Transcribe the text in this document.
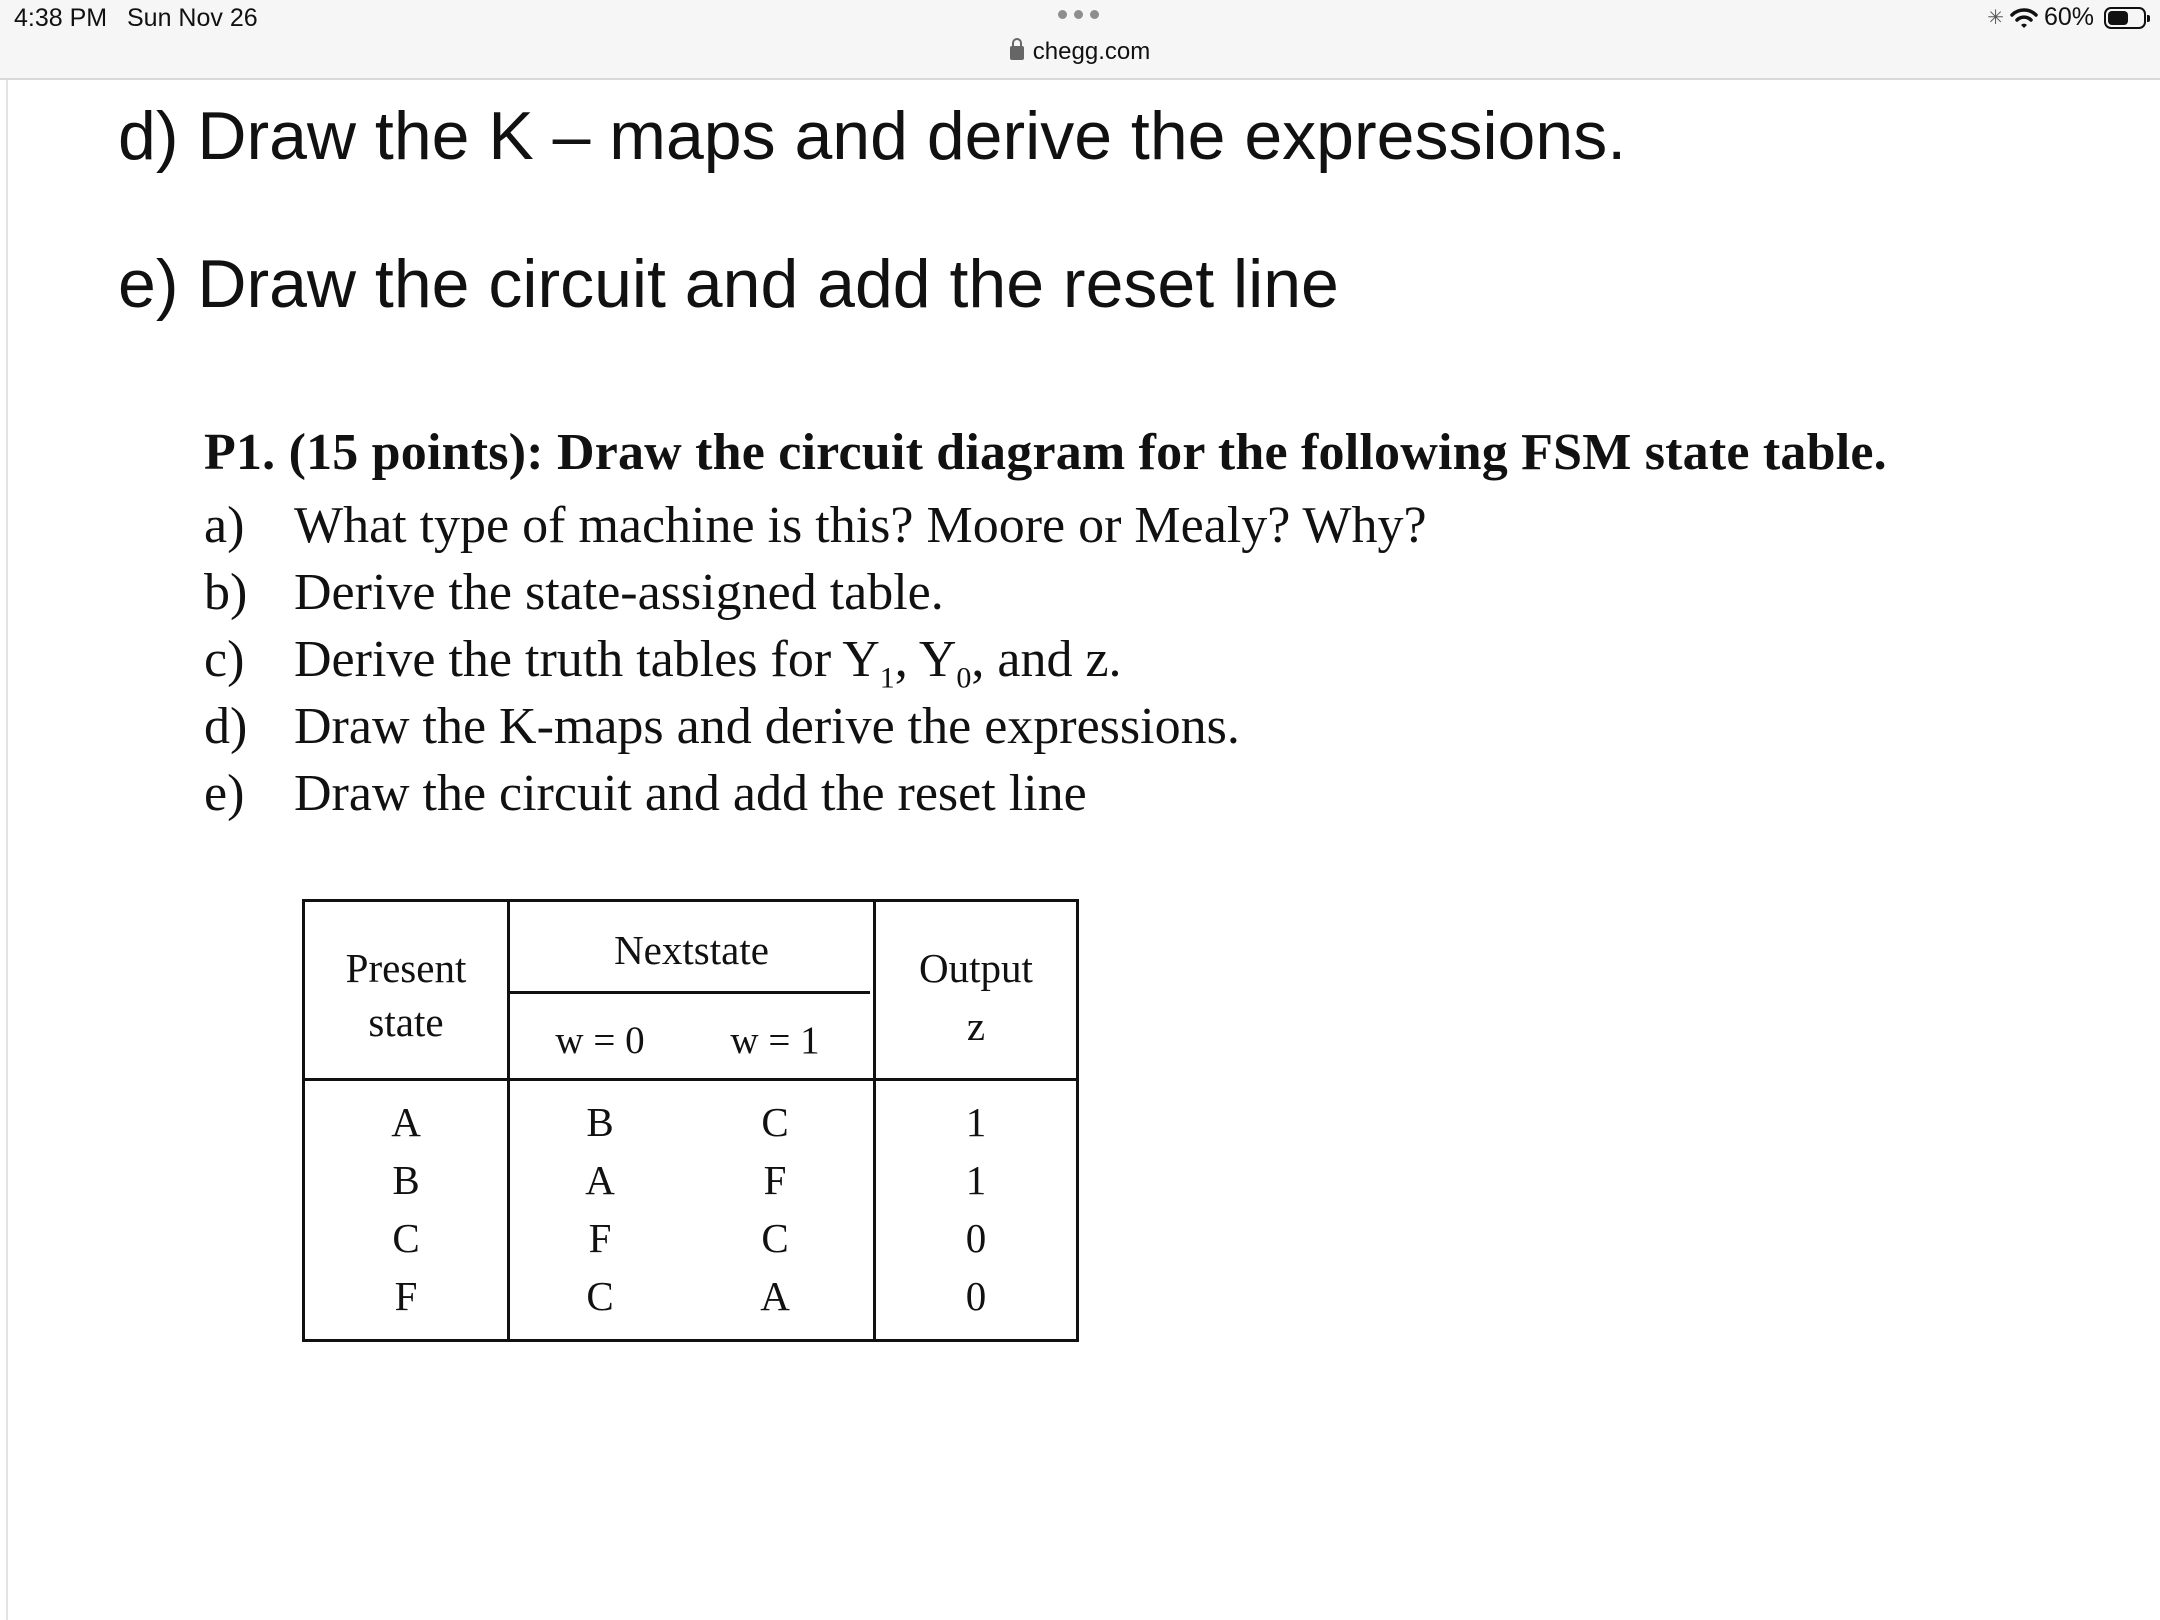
4:38 PM Sun Nov 26
chegg.com
✳ 60%
d) Draw the K – maps and derive the expressions.
e) Draw the circuit and add the reset line
P1. (15 points): Draw the circuit diagram for the following FSM state table.
a) What type of machine is this? Moore or Mealy? Why?
b) Derive the state-assigned table.
c) Derive the truth tables for $Y_1$, $Y_0$, and z.
d) Draw the K-maps and derive the expressions.
e) Draw the circuit and add the reset line
Present
state
Nextstate
w = 0	w = 1
Output
z
A	B	C	1
B	A	F	1
C	F	C	0
F	C	A	0
